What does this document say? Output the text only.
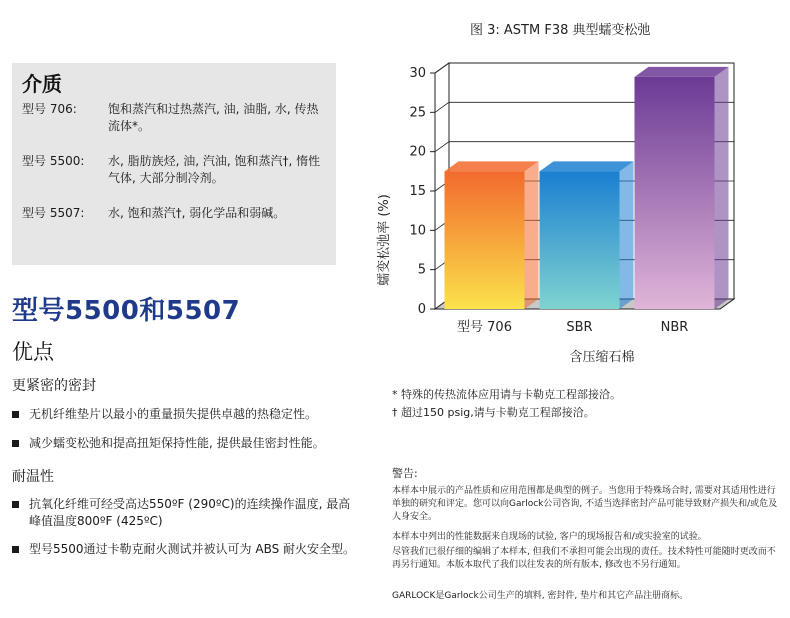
介质
型号 706:	饱和蒸汽和过热蒸汽, 油, 油脂, 水, 传热流体*。
型号 5500:	水, 脂肪族烃, 油, 汽油, 饱和蒸汽†, 惰性气体, 大部分制冷剂。
型号 5507:	水, 饱和蒸汽†, 弱化学品和弱碱。
型号5500和5507
优点
更紧密的密封
无机纤维垫片以最小的重量损失提供卓越的热稳定性。
减少蠕变松弛和提高扭矩保持性能, 提供最佳密封性能。
耐温性
抗氧化纤维可经受高达550ºF (290ºC)的连续操作温度, 最高峰值温度800ºF (425ºC)
型号5500通过卡勒克耐火测试并被认可为 ABS 耐火安全型。
图 3: ASTM F38 典型蠕变松弛
0
5
10
15
20
25
30
型号 706	SBR	NBR
蠕变松弛率 (%)
含压缩石棉
* 特殊的传热流体应用请与卡勒克工程部接洽。
† 超过150 psig,请与卡勒克工程部接洽。
警告:
本样本中展示的产品性质和应用范围都是典型的例子。当您用于特殊场合时, 需要对其适用性进行单独的研究和评定。您可以向Garlock公司咨询, 不适当选择密封产品可能导致财产损失和/或危及人身安全。
本样本中列出的性能数据来自现场的试验, 客户的现场报告和/或实验室的试验。
尽管我们已很仔细的编辑了本样本, 但我们不承担可能会出现的责任。技术特性可能随时更改而不再另行通知。本版本取代了我们以往发表的所有版本, 修改也不另行通知。
GARLOCK是Garlock公司生产的填料, 密封件, 垫片和其它产品注册商标。
